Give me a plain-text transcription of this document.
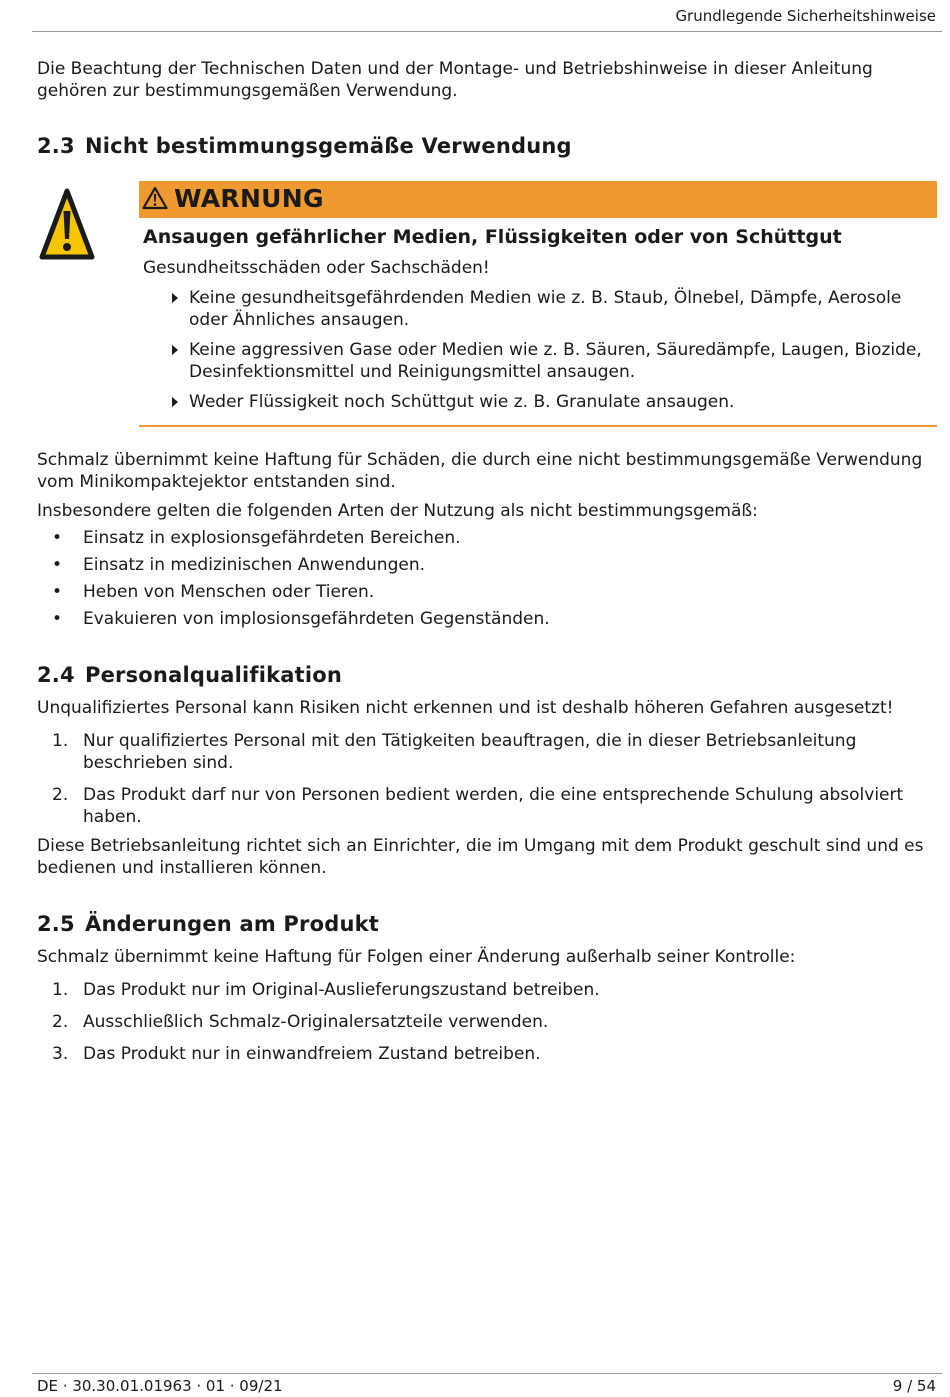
Grundlegende Sicherheitshinweise
Die Beachtung der Technischen Daten und der Montage- und Betriebshinweise in dieser Anleitung gehören zur bestimmungsgemäßen Verwendung.
2.3 Nicht bestimmungsgemäße Verwendung
WARNUNG
Ansaugen gefährlicher Medien, Flüssigkeiten oder von Schüttgut
Gesundheitsschäden oder Sachschäden!
Keine gesundheitsgefährdenden Medien wie z. B. Staub, Ölnebel, Dämpfe, Aerosole oder Ähnliches ansaugen.
Keine aggressiven Gase oder Medien wie z. B. Säuren, Säuredämpfe, Laugen, Biozide, Desinfektionsmittel und Reinigungsmittel ansaugen.
Weder Flüssigkeit noch Schüttgut wie z. B. Granulate ansaugen.
Schmalz übernimmt keine Haftung für Schäden, die durch eine nicht bestimmungsgemäße Verwendung vom Minikompaktejektor entstanden sind.
Insbesondere gelten die folgenden Arten der Nutzung als nicht bestimmungsgemäß:
• Einsatz in explosionsgefährdeten Bereichen.
• Einsatz in medizinischen Anwendungen.
• Heben von Menschen oder Tieren.
• Evakuieren von implosionsgefährdeten Gegenständen.
2.4 Personalqualifikation
Unqualifiziertes Personal kann Risiken nicht erkennen und ist deshalb höheren Gefahren ausgesetzt!
1. Nur qualifiziertes Personal mit den Tätigkeiten beauftragen, die in dieser Betriebsanleitung beschrieben sind.
2. Das Produkt darf nur von Personen bedient werden, die eine entsprechende Schulung absolviert haben.
Diese Betriebsanleitung richtet sich an Einrichter, die im Umgang mit dem Produkt geschult sind und es bedienen und installieren können.
2.5 Änderungen am Produkt
Schmalz übernimmt keine Haftung für Folgen einer Änderung außerhalb seiner Kontrolle:
1. Das Produkt nur im Original-Auslieferungszustand betreiben.
2. Ausschließlich Schmalz-Originalersatzteile verwenden.
3. Das Produkt nur in einwandfreiem Zustand betreiben.
DE · 30.30.01.01963 · 01 · 09/21	9 / 54
